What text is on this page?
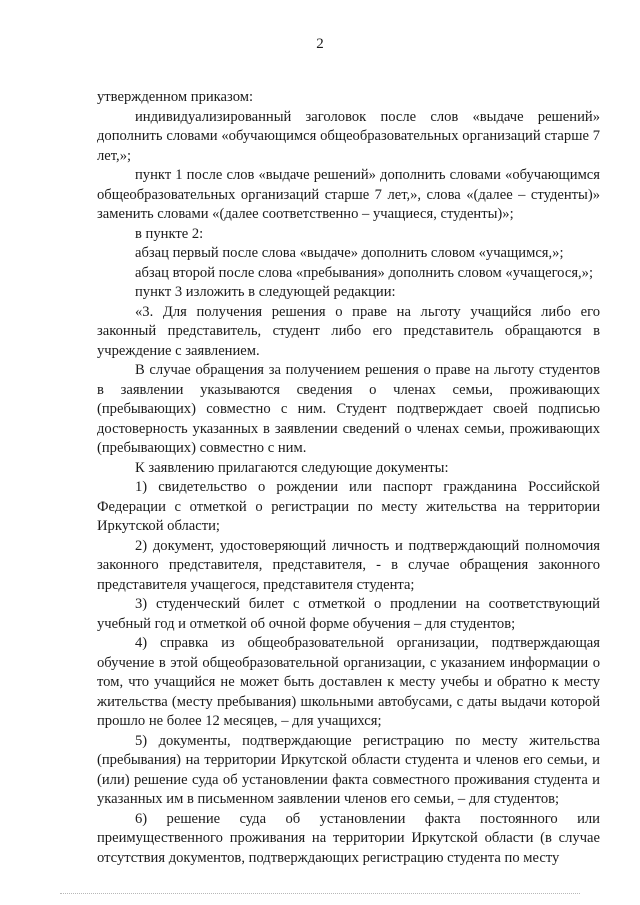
2

утвержденном приказом:

индивидуализированный заголовок после слов «выдаче решений» дополнить словами «обучающимся общеобразовательных организаций старше 7 лет,»;

пункт 1 после слов «выдаче решений» дополнить словами «обучающимся общеобразовательных организаций старше 7 лет,», слова «(далее – студенты)» заменить словами «(далее соответственно – учащиеся, студенты)»;

в пункте 2:

абзац первый после слова «выдаче» дополнить словом «учащимся,»;

абзац второй после слова «пребывания» дополнить словом «учащегося,»;

пункт 3 изложить в следующей редакции:

«3. Для получения решения о праве на льготу учащийся либо его законный представитель, студент либо его представитель обращаются в учреждение с заявлением.

В случае обращения за получением решения о праве на льготу студентов в заявлении указываются сведения о членах семьи, проживающих (пребывающих) совместно с ним. Студент подтверждает своей подписью достоверность указанных в заявлении сведений о членах семьи, проживающих (пребывающих) совместно с ним.

К заявлению прилагаются следующие документы:

1) свидетельство о рождении или паспорт гражданина Российской Федерации с отметкой о регистрации по месту жительства на территории Иркутской области;

2) документ, удостоверяющий личность и подтверждающий полномочия законного представителя, представителя, - в случае обращения законного представителя учащегося, представителя студента;

3) студенческий билет с отметкой о продлении на соответствующий учебный год и отметкой об очной форме обучения – для студентов;

4) справка из общеобразовательной организации, подтверждающая обучение в этой общеобразовательной организации, с указанием информации о том, что учащийся не может быть доставлен к месту учебы и обратно к месту жительства (месту пребывания) школьными автобусами, с даты выдачи которой прошло не более 12 месяцев, – для учащихся;

5) документы, подтверждающие регистрацию по месту жительства (пребывания) на территории Иркутской области студента и членов его семьи, и (или) решение суда об установлении факта совместного проживания студента и указанных им в письменном заявлении членов его семьи, – для студентов;

6) решение суда об установлении факта постоянного или преимущественного проживания на территории Иркутской области (в случае отсутствия документов, подтверждающих регистрацию студента по месту
